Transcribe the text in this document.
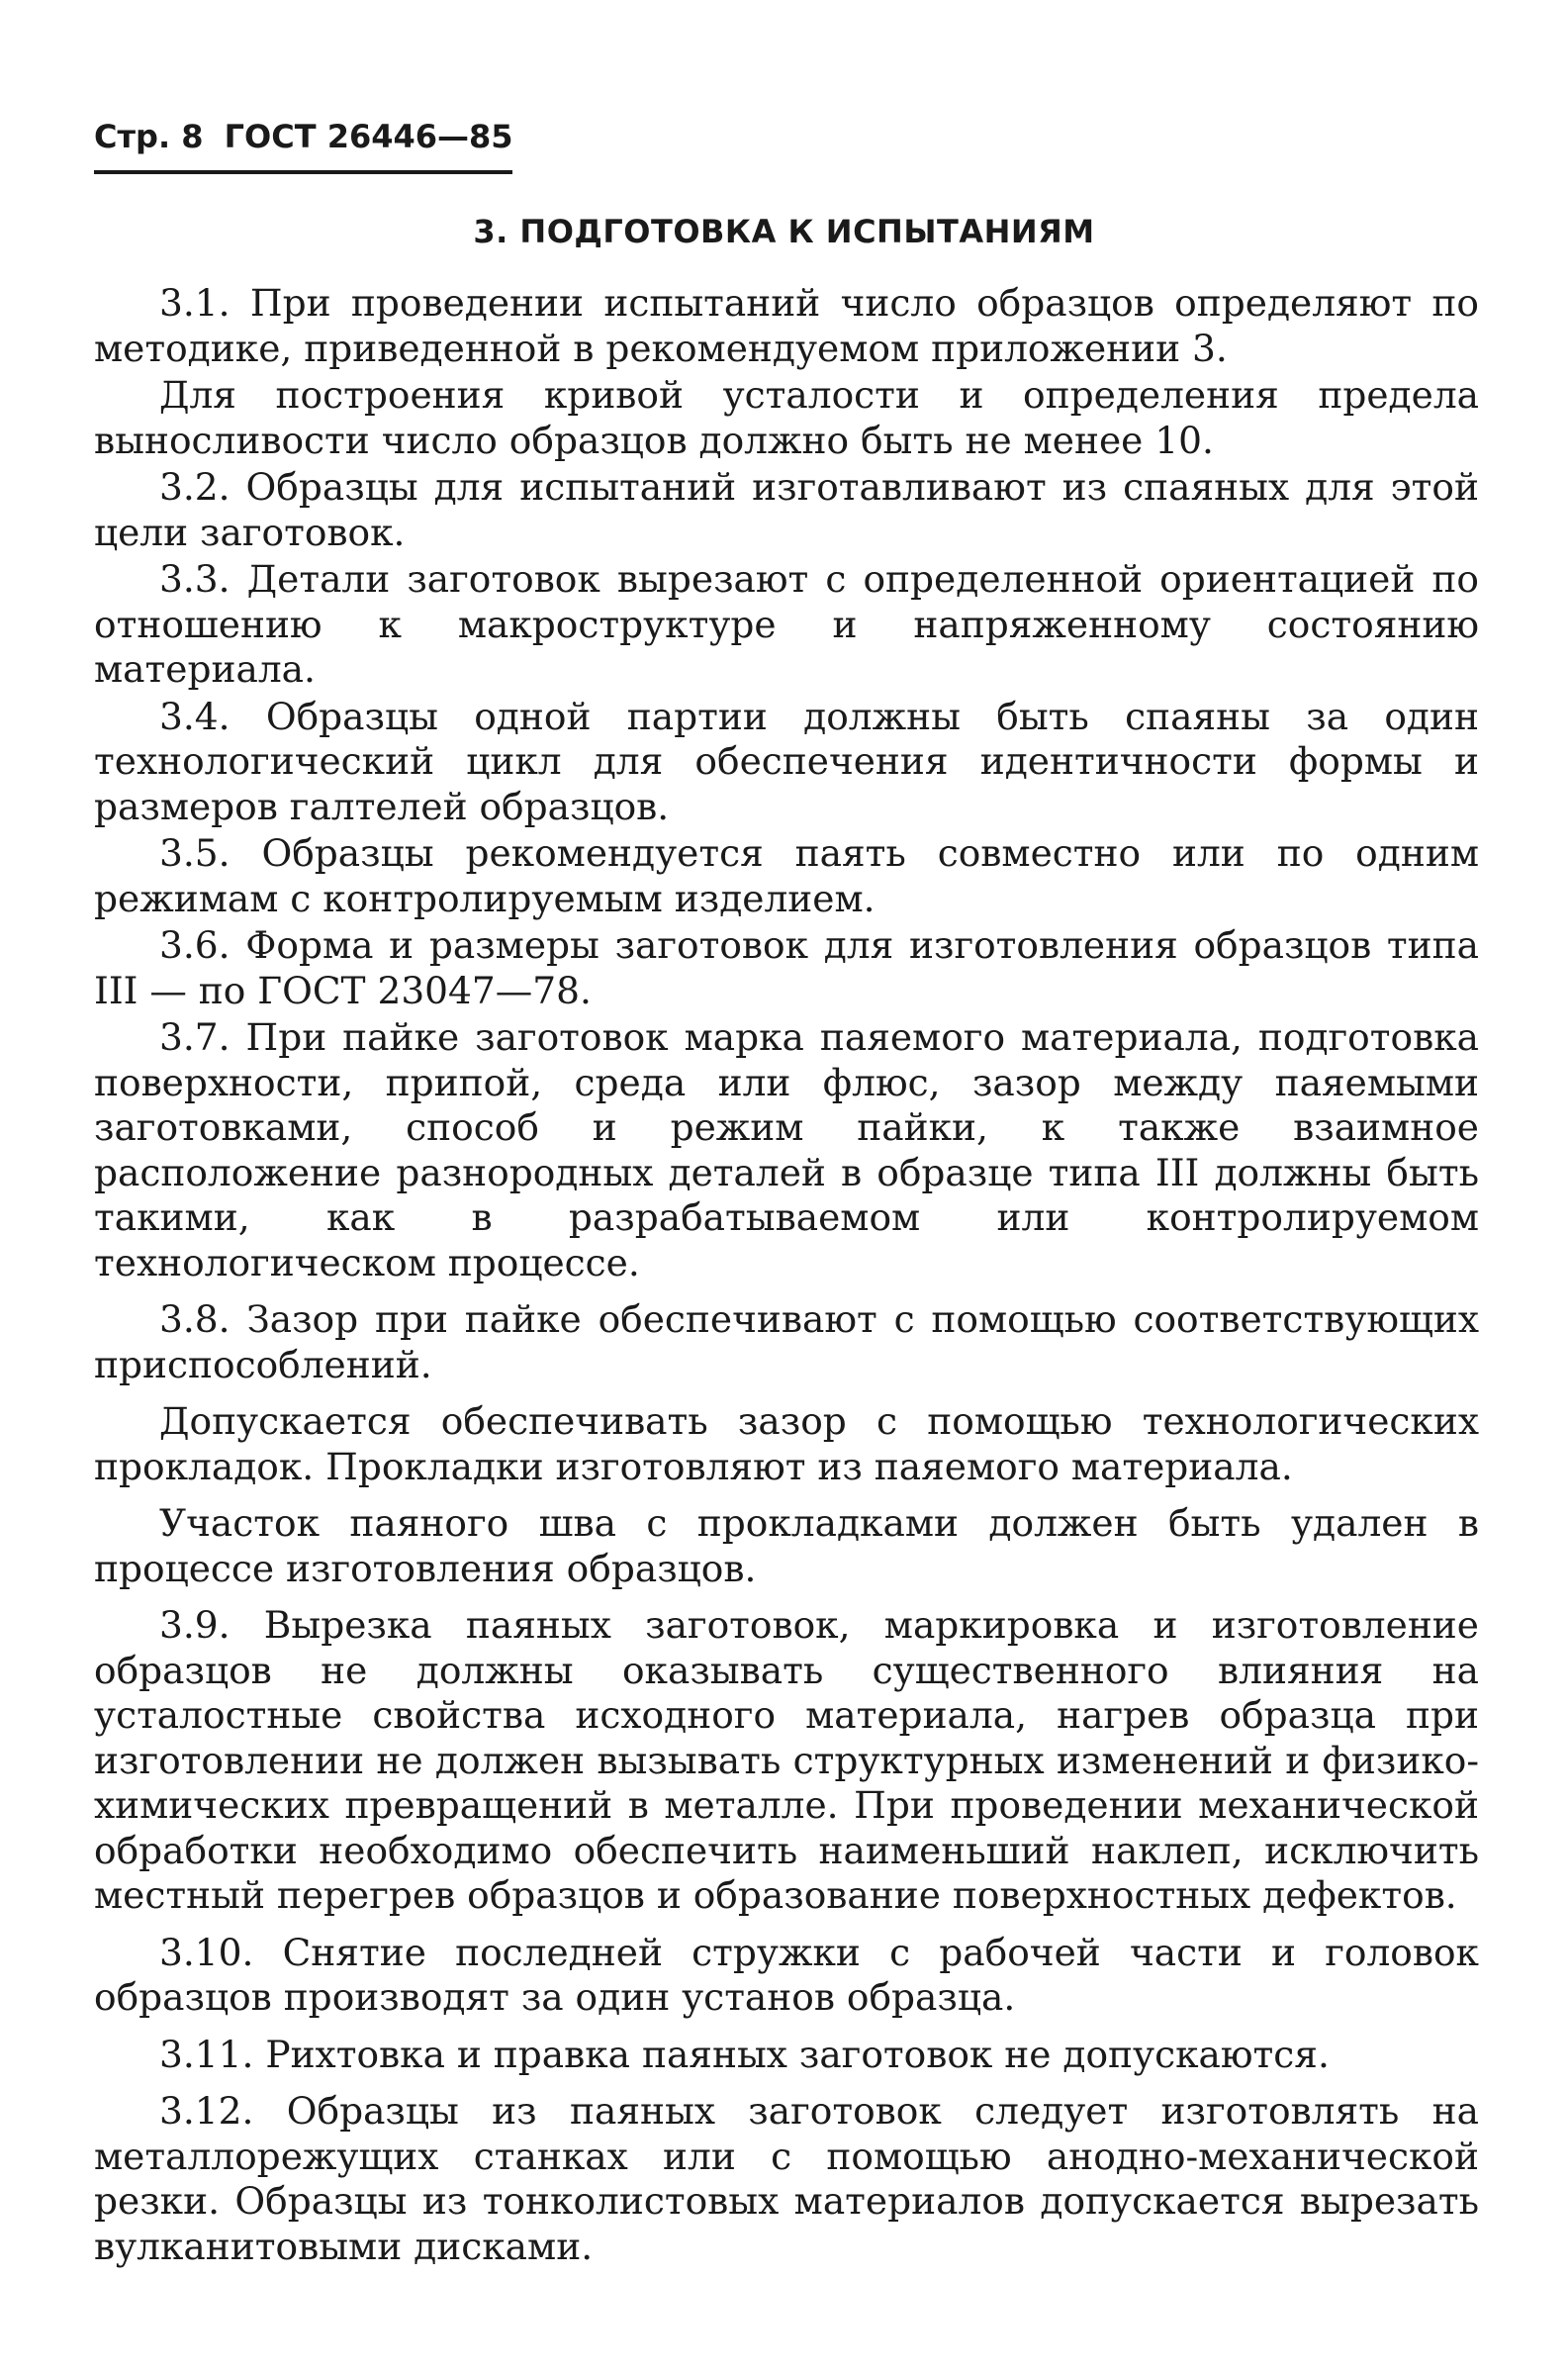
Стр. 8 ГОСТ 26446—85
3. ПОДГОТОВКА К ИСПЫТАНИЯМ

3.1. При проведении испытаний число образцов определяют по методике, приведенной в рекомендуемом приложении 3.

Для построения кривой усталости и определения предела выносливости число образцов должно быть не менее 10.

3.2. Образцы для испытаний изготавливают из спаяных для этой цели заготовок.

3.3. Детали заготовок вырезают с определенной ориентацией по отношению к макроструктуре и напряженному состоянию материала.

3.4. Образцы одной партии должны быть спаяны за один технологический цикл для обеспечения идентичности формы и размеров галтелей образцов.

3.5. Образцы рекомендуется паять совместно или по одним режимам с контролируемым изделием.

3.6. Форма и размеры заготовок для изготовления образцов типа III — по ГОСТ 23047—78.

3.7. При пайке заготовок марка паяемого материала, подготовка поверхности, припой, среда или флюс, зазор между паяемыми заготовками, способ и режим пайки, к также взаимное расположение разнородных деталей в образце типа III должны быть такими, как в разрабатываемом или контролируемом технологическом процессе.

3.8. Зазор при пайке обеспечивают с помощью соответствующих приспособлений.

Допускается обеспечивать зазор с помощью технологических прокладок. Прокладки изготовляют из паяемого материала.

Участок паяного шва с прокладками должен быть удален в процессе изготовления образцов.

3.9. Вырезка паяных заготовок, маркировка и изготовление образцов не должны оказывать существенного влияния на усталостные свойства исходного материала, нагрев образца при изготовлении не должен вызывать структурных изменений и физико-химических превращений в металле. При проведении механической обработки необходимо обеспечить наименьший наклеп, исключить местный перегрев образцов и образование поверхностных дефектов.

3.10. Снятие последней стружки с рабочей части и головок образцов производят за один установ образца.

3.11. Рихтовка и правка паяных заготовок не допускаются.

3.12. Образцы из паяных заготовок следует изготовлять на металлорежущих станках или с помощью анодно-механической резки. Образцы из тонколистовых материалов допускается вырезать вулканитовыми дисками.
